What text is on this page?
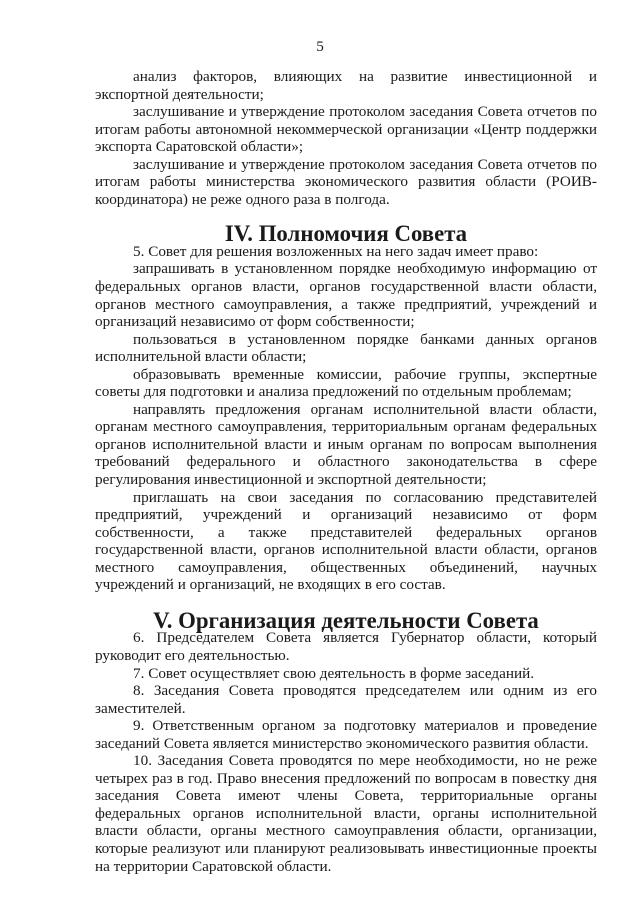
5

анализ факторов, влияющих на развитие инвестиционной и экспортной деятельности;

заслушивание и утверждение протоколом заседания Совета отчетов по итогам работы автономной некоммерческой организации «Центр поддержки экспорта Саратовской области»;

заслушивание и утверждение протоколом заседания Совета отчетов по итогам работы министерства экономического развития области (РОИВ-координатора) не реже одного раза в полгода.

IV. Полномочия Совета

5. Совет для решения возложенных на него задач имеет право:

запрашивать в установленном порядке необходимую информацию от федеральных органов власти, органов государственной власти области, органов местного самоуправления, а также предприятий, учреждений и организаций независимо от форм собственности;

пользоваться в установленном порядке банками данных органов исполнительной власти области;

образовывать временные комиссии, рабочие группы, экспертные советы для подготовки и анализа предложений по отдельным проблемам;

направлять предложения органам исполнительной власти области, органам местного самоуправления, территориальным органам федеральных органов исполнительной власти и иным органам по вопросам выполнения требований федерального и областного законодательства в сфере регулирования инвестиционной и экспортной деятельности;

приглашать на свои заседания по согласованию представителей предприятий, учреждений и организаций независимо от форм собственности, а также представителей федеральных органов государственной власти, органов исполнительной власти области, органов местного самоуправления, общественных объединений, научных учреждений и организаций, не входящих в его состав.

V. Организация деятельности Совета

6. Председателем Совета является Губернатор области, который руководит его деятельностью.

7. Совет осуществляет свою деятельность в форме заседаний.

8. Заседания Совета проводятся председателем или одним из его заместителей.

9. Ответственным органом за подготовку материалов и проведение заседаний Совета является министерство экономического развития области.

10. Заседания Совета проводятся по мере необходимости, но не реже четырех раз в год. Право внесения предложений по вопросам в повестку дня заседания Совета имеют члены Совета, территориальные органы федеральных органов исполнительной власти, органы исполнительной власти области, органы местного самоуправления области, организации, которые реализуют или планируют реализовывать инвестиционные проекты на территории Саратовской области.
